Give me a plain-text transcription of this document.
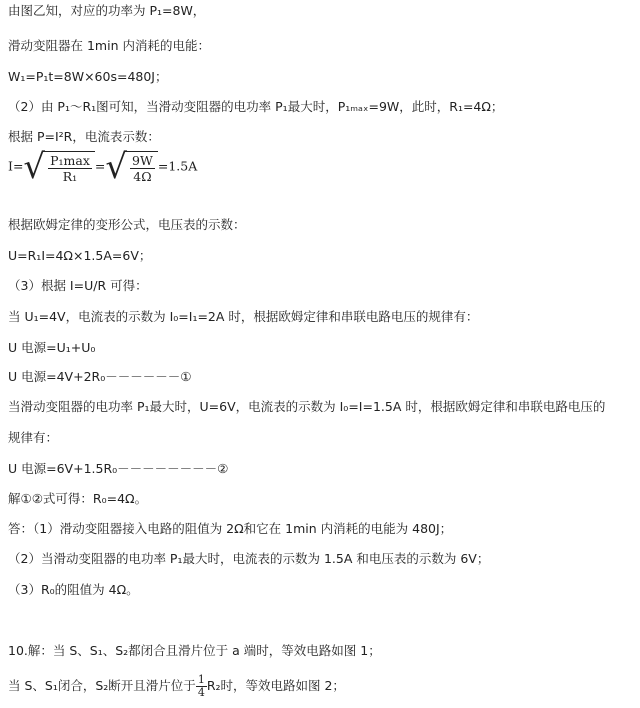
由图乙知，对应的功率为 P₁=8W，
滑动变阻器在 1min 内消耗的电能：
W₁=P₁t=8W×60s=480J；
（2）由 P₁～R₁图可知，当滑动变阻器的电功率 P₁最大时，P₁ₘₐₓ=9W，此时，R₁=4Ω；
根据 P=I²R，电流表示数：
$I=√ \frac{\text{P₁max}}{\text{R₁}}$ =√ $\frac{9W}{4\Omega} =1.5A$
根据欧姆定律的变形公式，电压表的示数：
U=R₁I=4Ω×1.5A=6V；
（3）根据 I=U/R 可得：
当 U₁=4V，电流表的示数为 I₀=I₁=2A 时，根据欧姆定律和串联电路电压的规律有：
U 电源=U₁+U₀
U 电源=4V+2R₀－－－－－－①
当滑动变阻器的电功率 P₁最大时，U=6V，电流表的示数为 I₀=I=1.5A 时，根据欧姆定律和串联电路电压的
规律有：
U 电源=6V+1.5R₀－－－－－－－－②
解①②式可得：R₀=4Ω。
答：（1）滑动变阻器接入电路的阻值为 2Ω和它在 1min 内消耗的电能为 480J；
（2）当滑动变阻器的电功率 P₁最大时，电流表的示数为 1.5A 和电压表的示数为 6V；
（3）R₀的阻值为 4Ω。
10.解：当 S、S₁、S₂都闭合且滑片位于 a 端时，等效电路如图 1；
当 S、S₁闭合，S₂断开且滑片位于 $\frac{1}{4} R_2$时，等效电路如图 2；
